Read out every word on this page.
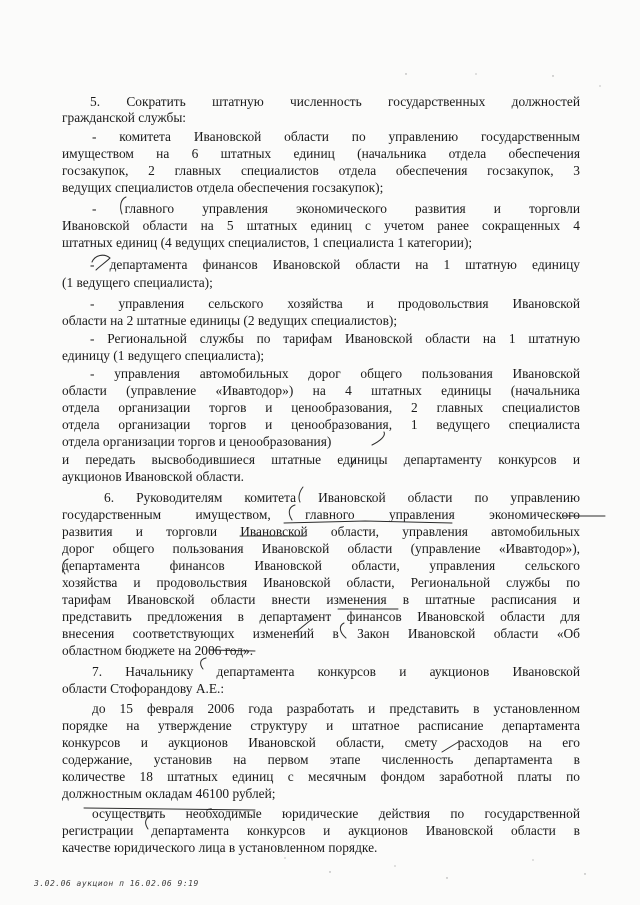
5. Сократить штатную численность государственных должностей
гражданской службы:
- комитета Ивановской области по управлению государственным
имуществом на 6 штатных единиц (начальника отдела обеспечения
госзакупок, 2 главных специалистов отдела обеспечения госзакупок, 3
ведущих специалистов отдела обеспечения госзакупок);
- главного управления экономического развития и торговли
Ивановской области на 5 штатных единиц с учетом ранее сокращенных 4
штатных единиц (4 ведущих специалистов, 1 специалиста 1 категории);
- департамента финансов Ивановской области на 1 штатную единицу
(1 ведущего специалиста);
- управления сельского хозяйства и продовольствия Ивановской
области на 2 штатные единицы (2 ведущих специалистов);
- Региональной службы по тарифам Ивановской области на 1 штатную
единицу (1 ведущего специалиста);
- управления автомобильных дорог общего пользования Ивановской
области (управление «Ивавтодор») на 4 штатных единицы (начальника
отдела организации торгов и ценообразования, 2 главных специалистов
отдела организации торгов и ценообразования, 1 ведущего специалиста
отдела организации торгов и ценообразования)
и передать высвободившиеся штатные единицы департаменту конкурсов и
аукционов Ивановской области.
6. Руководителям комитета Ивановской области по управлению
государственным имуществом, главного управления экономического
развития и торговли Ивановской области, управления автомобильных
дорог общего пользования Ивановской области (управление «Ивавтодор»),
департамента финансов Ивановской области, управления сельского
хозяйства и продовольствия Ивановской области, Региональной службы по
тарифам Ивановской области внести изменения в штатные расписания и
представить предложения в департамент финансов Ивановской области для
внесения соответствующих изменений в Закон Ивановской области «Об
областном бюджете на 2006 год».
7. Начальнику департамента конкурсов и аукционов Ивановской
области Стофорандову А.Е.:
до 15 февраля 2006 года разработать и представить в установленном
порядке на утверждение структуру и штатное расписание департамента
конкурсов и аукционов Ивановской области, смету расходов на его
содержание, установив на первом этапе численность департамента в
количестве 18 штатных единиц с месячным фондом заработной платы по
должностным окладам 46100 рублей;
осуществить необходимые юридические действия по государственной
регистрации департамента конкурсов и аукционов Ивановской области в
качестве юридического лица в установленном порядке.
3.02.06 аукцион п 16.02.06 9:19
